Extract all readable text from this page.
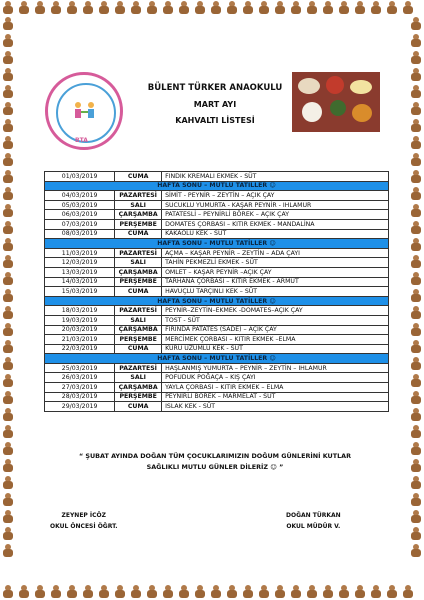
BTA
BÜLENT TÜRKER ANAOKULU
MART AYI
KAHVALTI LİSTESİ
01/03/2019	CUMA	FINDIK KREMALI EKMEK - SÜT
HAFTA SONU – MUTLU TATİLLER ☺		
04/03/2019	PAZARTESİ	SİMİT - PEYNİR – ZEYTİN – AÇIK ÇAY
05/03/2019	SALI	SUCUKLU YUMURTA - KAŞAR PEYNİR - IHLAMUR
06/03/2019	ÇARŞAMBA	PATATESLİ – PEYNİRLİ BÖREK – AÇIK ÇAY
07/03/2019	PERŞEMBE	DOMATES ÇORBASI – KITIR EKMEK - MANDALİNA
08/03/2019	CUMA	KAKAOLU KEK - SÜT
HAFTA SONU – MUTLU TATİLLER ☺		
11/03/2019	PAZARTESİ	AÇMA – KAŞAR PEYNİR – ZEYTİN – ADA ÇAYI
12/03/2019	SALI	TAHİN PEKMEZLİ EKMEK - SÜT
13/03/2019	ÇARŞAMBA	OMLET – KAŞAR PEYNİR –AÇIK ÇAY
14/03/2019	PERŞEMBE	TARHANA ÇORBASI – KITIR EKMEK - ARMUT
15/03/2019	CUMA	HAVUÇLU TARÇINLI KEK – SÜT
HAFTA SONU – MUTLU TATİLLER ☺		
18/03/2019	PAZARTESİ	PEYNİR–ZEYTİN–EKMEK -DOMATES–AÇIK ÇAY
19/03/2019	SALI	TOST - SÜT
20/03/2019	ÇARŞAMBA	FIRINDA PATATES (SADE) – AÇIK ÇAY
21/03/2019	PERŞEMBE	MERCİMEK ÇORBASI – KITIR EKMEK –ELMA
22/03/2019	CUMA	KURU ÜZÜMLÜ KEK - SÜT
HAFTA SONU – MUTLU TATİLLER ☺		
25/03/2019	PAZARTESİ	HAŞLANMIŞ YUMURTA – PEYNİR – ZEYTİN – IHLAMUR
26/03/2019	SALI	POFUDUK POĞAÇA – KIŞ ÇAYI
27/03/2019	ÇARŞAMBA	YAYLA ÇORBASI – KITIR EKMEK – ELMA
28/03/2019	PERŞEMBE	PEYNİRLİ BÖREK – MARMELAT - SÜT
29/03/2019	CUMA	ISLAK KEK - SÜT
“ ŞUBAT AYINDA DOĞAN TÜM ÇOCUKLARIMIZIN DOĞUM GÜNLERİNİ KUTLAR
SAĞLIKLI MUTLU GÜNLER DİLERİZ ☺ ”
ZEYNEP İCÖZ
OKUL ÖNCESİ ÖĞRT.
DOĞAN TÜRKAN
OKUL MÜDÜR V.
